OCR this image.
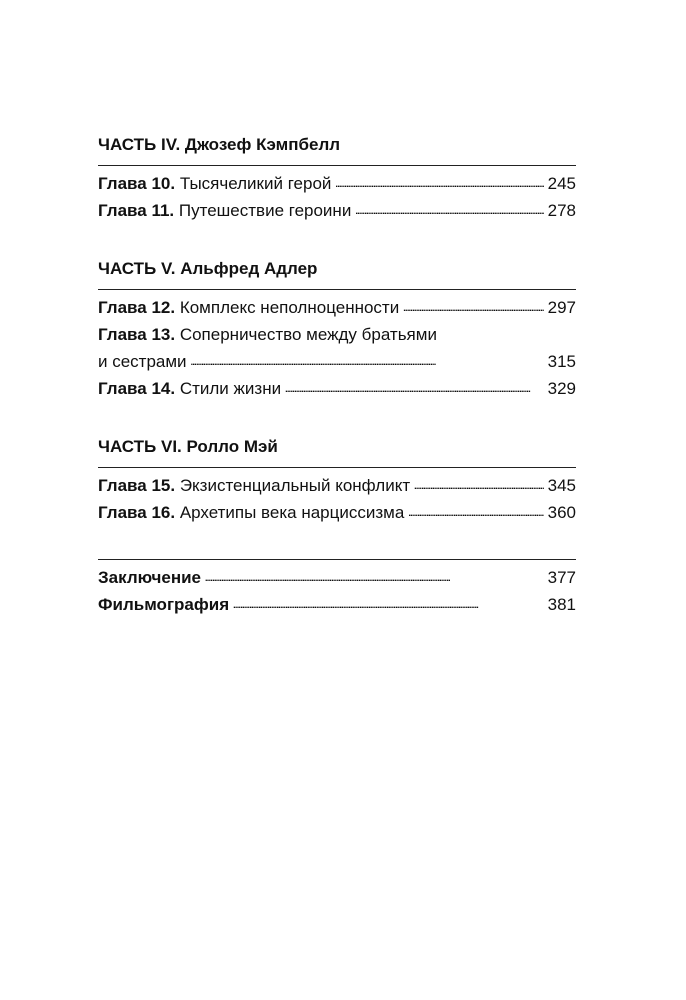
ЧАСТЬ IV. Джозеф Кэмпбелл
Глава 10. Тысячеликий герой . . .	245
Глава 11. Путешествие героини . . .	278
ЧАСТЬ V. Альфред Адлер
Глава 12. Комплекс неполноценности . . .	297
Глава 13. Соперничество между братьями
и сестрами . . .	315
Глава 14. Стили жизни . . .	329
ЧАСТЬ VI. Ролло Мэй
Глава 15. Экзистенциальный конфликт . . .	345
Глава 16. Архетипы века нарциссизма . . .	360
Заключение . . .	377
Фильмография . . .	381
